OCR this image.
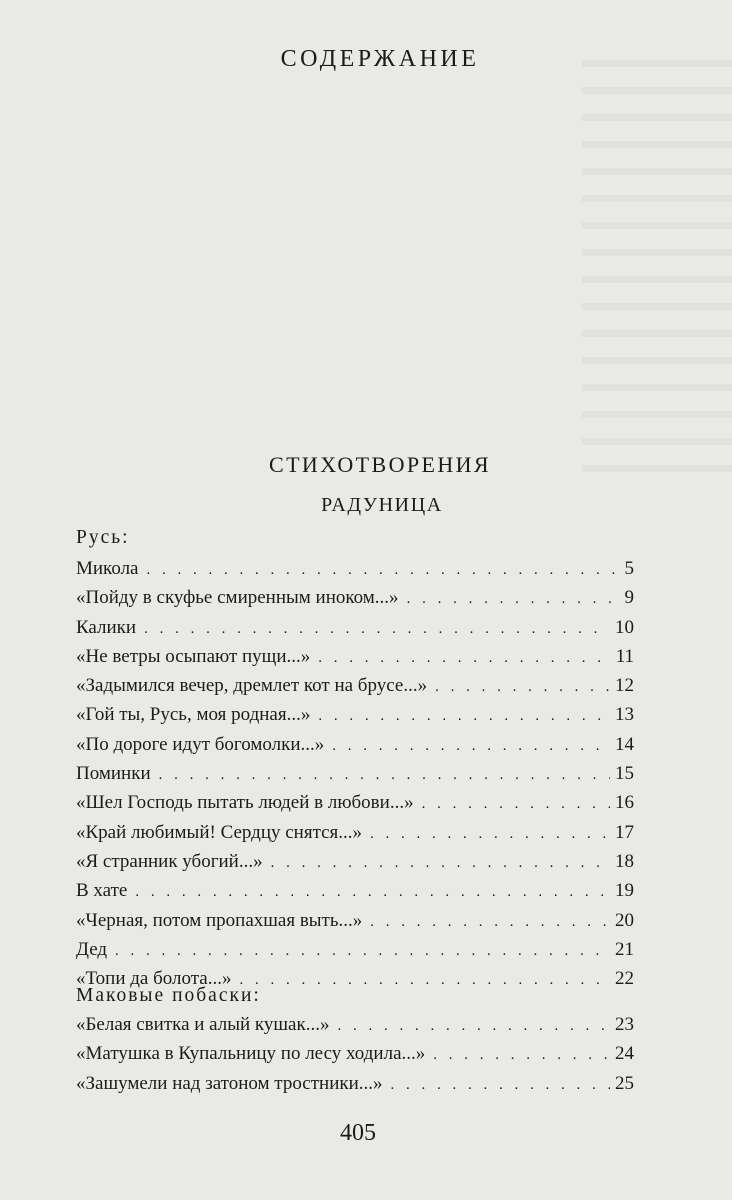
СОДЕРЖАНИЕ
СТИХОТВОРЕНИЯ
РАДУНИЦА
Русь:
Микола . . .	5
«Пойду в скуфье смиренным иноком...» . . .	9
Калики . . .	10
«Не ветры осыпают пущи...» . . .	11
«Задымился вечер, дремлет кот на брусе...» . . .	12
«Гой ты, Русь, моя родная...» . . .	13
«По дороге идут богомолки...» . . .	14
Поминки . . .	15
«Шел Господь пытать людей в любови...» . . .	16
«Край любимый! Сердцу снятся...» . . .	17
«Я странник убогий...» . . .	18
В хате . . .	19
«Черная, потом пропахшая выть...» . . .	20
Дед . . .	21
«Топи да болота...» . . .	22
Маковые побаски:
«Белая свитка и алый кушак...» . . .	23
«Матушка в Купальницу по лесу ходила...» . . .	24
«Зашумели над затоном тростники...» . . .	25
405
